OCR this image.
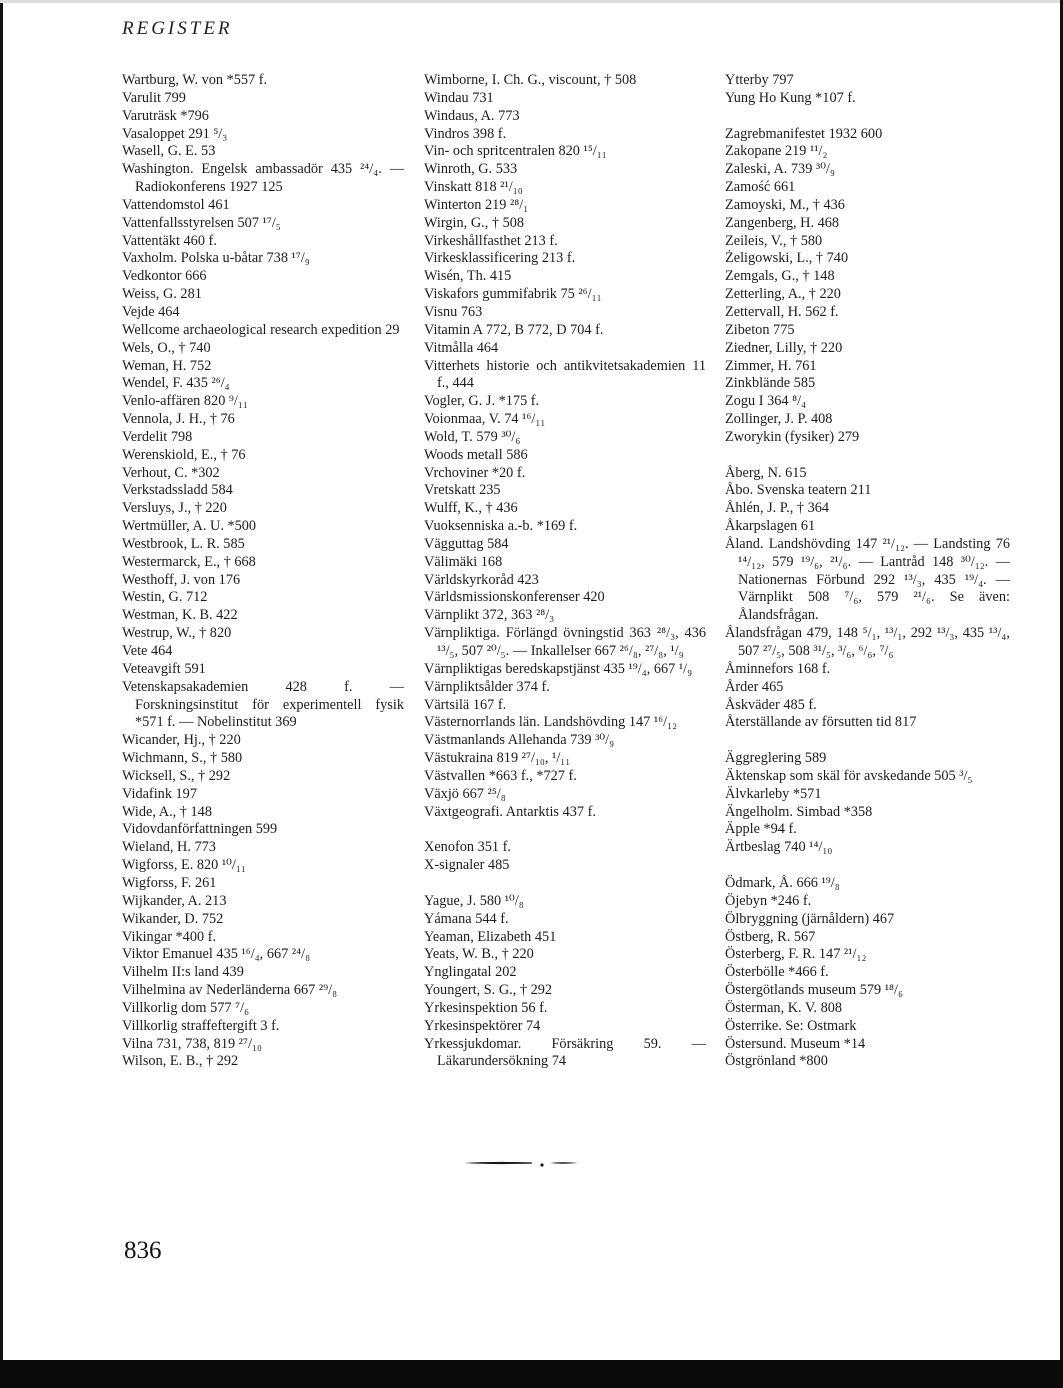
REGISTER
Wartburg, W. von *557 f.
Varulit 799
Varuträsk *796
Vasaloppet 291 ⁵/₃
Wasell, G. E. 53
Washington. Engelsk ambassadör 435 ²⁴/₄. — Radiokonferens 1927 125
Vattendomstol 461
Vattenfallsstyrelsen 507 ¹⁷/₅
Vattentäkt 460 f.
Vaxholm. Polska u-båtar 738 ¹⁷/₉
Vedkontor 666
Weiss, G. 281
Vejde 464
Wellcome archaeological research expedition 29
Wels, O., † 740
Weman, H. 752
Wendel, F. 435 ²⁶/₄
Venlo-affären 820 ⁹/₁₁
Vennola, J. H., † 76
Verdelit 798
Werenskiold, E., † 76
Verhout, C. *302
Verkstadssladd 584
Versluys, J., † 220
Wertmüller, A. U. *500
Westbrook, L. R. 585
Westermarck, E., † 668
Westhoff, J. von 176
Westin, G. 712
Westman, K. B. 422
Westrup, W., † 820
Vete 464
Veteavgift 591
Vetenskapsakademien 428 f. — Forskningsinstitut för experimentell fysik *571 f. — Nobelinstitut 369
Wicander, Hj., † 220
Wichmann, S., † 580
Wicksell, S., † 292
Vidafink 197
Wide, A., † 148
Vidovdanförfattningen 599
Wieland, H. 773
Wigforss, E. 820 ¹⁰/₁₁
Wigforss, F. 261
Wijkander, A. 213
Wikander, D. 752
Vikingar *400 f.
Viktor Emanuel 435 ¹⁶/₄, 667 ²⁴/₈
Vilhelm II:s land 439
Vilhelmina av Nederländerna 667 ²⁹/₈
Villkorlig dom 577 ⁷/₆
Villkorlig straffeftergift 3 f.
Vilna 731, 738, 819 ²⁷/₁₀
Wilson, E. B., † 292
Wimborne, I. Ch. G., viscount, † 508
Windau 731
Windaus, A. 773
Vindros 398 f.
Vin- och spritcentralen 820 ¹⁵/₁₁
Winroth, G. 533
Vinskatt 818 ²¹/₁₀
Winterton 219 ²⁸/₁
Wirgin, G., † 508
Virkeshållfasthet 213 f.
Virkesklassificering 213 f.
Wisén, Th. 415
Viskafors gummifabrik 75 ²⁶/₁₁
Visnu 763
Vitamin A 772, B 772, D 704 f.
Vitmålla 464
Vitterhets historie och antikvitetsakademien 11 f., 444
Vogler, G. J. *175 f.
Voionmaa, V. 74 ¹⁶/₁₁
Wold, T. 579 ³⁰/₆
Woods metall 586
Vrchoviner *20 f.
Vretskatt 235
Wulff, K., † 436
Vuoksenniska a.-b. *169 f.
Vägguttag 584
Välimäki 168
Världskyrkoråd 423
Världsmissionskonferenser 420
Värnplikt 372, 363 ²⁸/₃
Värnpliktiga. Förlängd övningstid 363 ²⁸/₃, 436 ¹³/₅, 507 ²⁰/₅. — Inkallelser 667 ²⁶/₈, ²⁷/₈, ¹/₉
Värnpliktigas beredskapstjänst 435 ¹⁹/₄, 667 ¹/₉
Värnpliktsålder 374 f.
Värtsilä 167 f.
Västernorrlands län. Landshövding 147 ¹⁶/₁₂
Västmanlands Allehanda 739 ³⁰/₉
Västukraina 819 ²⁷/₁₀, ¹/₁₁
Västvallen *663 f., *727 f.
Växjö 667 ²⁵/₈
Växtgeografi. Antarktis 437 f.
Xenofon 351 f.
X-signaler 485
Yague, J. 580 ¹⁰/₈
Yámana 544 f.
Yeaman, Elizabeth 451
Yeats, W. B., † 220
Ynglingatal 202
Youngert, S. G., † 292
Yrkesinspektion 56 f.
Yrkesinspektörer 74
Yrkessjukdomar. Försäkring 59. — Läkarundersökning 74
Ytterby 797
Yung Ho Kung *107 f.
Zagrebmanifestet 1932 600
Zakopane 219 ¹¹/₂
Zaleski, A. 739 ³⁰/₉
Zamość 661
Zamoyski, M., † 436
Zangenberg, H. 468
Zeileis, V., † 580
Żeligowski, L., † 740
Zemgals, G., † 148
Zetterling, A., † 220
Zettervall, H. 562 f.
Zibeton 775
Ziedner, Lilly, † 220
Zimmer, H. 761
Zinkblände 585
Zogu I 364 ⁸/₄
Zollinger, J. P. 408
Zworykin (fysiker) 279
Åberg, N. 615
Åbo. Svenska teatern 211
Åhlén, J. P., † 364
Åkarpslagen 61
Åland. Landshövding 147 ²¹/₁₂. — Landsting 76 ¹⁴/₁₂, 579 ¹⁹/₆, ²¹/₆. — Lantråd 148 ³⁰/₁₂. — Nationernas Förbund 292 ¹³/₃, 435 ¹⁹/₄. — Värnplikt 508 ⁷/₆, 579 ²¹/₆. Se även: Ålandsfrågan.
Ålandsfrågan 479, 148 ⁵/₁, ¹³/₁, 292 ¹³/₃, 435 ¹³/₄, 507 ²⁷/₅, 508 ³¹/₅, ³/₆, ⁶/₆, ⁷/₆
Åminnefors 168 f.
Årder 465
Åskväder 485 f.
Återställande av försutten tid 817
Äggreglering 589
Äktenskap som skäl för avskedande 505 ³/₅
Älvkarleby *571
Ängelholm. Simbad *358
Äpple *94 f.
Ärtbeslag 740 ¹⁴/₁₀
Ödmark, Å. 666 ¹⁹/₈
Öjebyn *246 f.
Ölbryggning (järnåldern) 467
Östberg, R. 567
Österberg, F. R. 147 ²¹/₁₂
Österbölle *466 f.
Östergötlands museum 579 ¹⁸/₆
Österman, K. V. 808
Österrike. Se: Ostmark
Östersund. Museum *14
Östgrönland *800
836
